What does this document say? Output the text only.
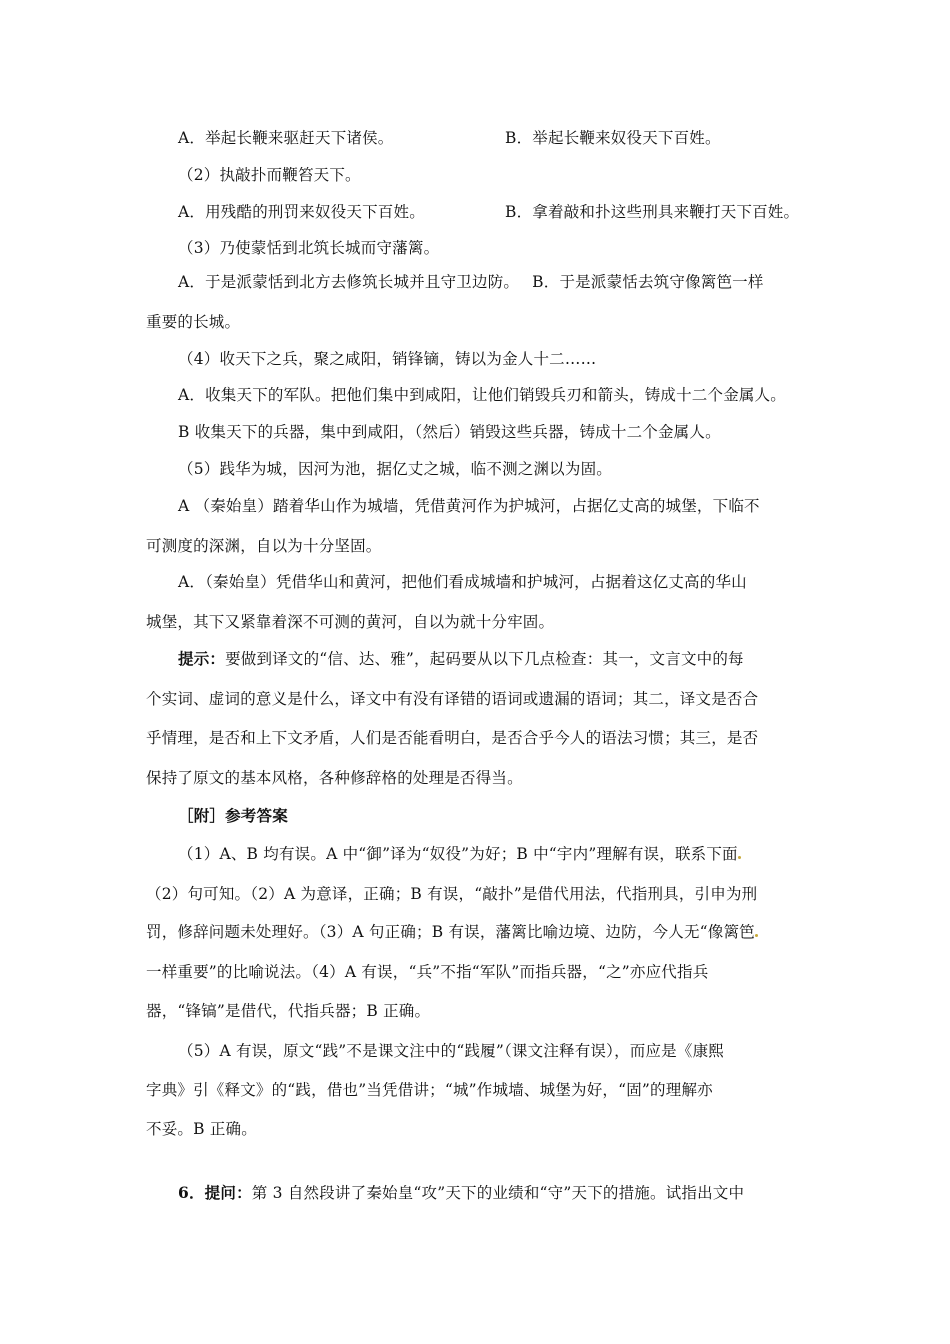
A．举起长鞭来驱赶天下诸侯。	B．举起长鞭来奴役天下百姓。
（2）执敲扑而鞭笞天下。
A．用残酷的刑罚来奴役天下百姓。	B．拿着敲和扑这些刑具来鞭打天下百姓。
（3）乃使蒙恬到北筑长城而守藩篱。
A．于是派蒙恬到北方去修筑长城并且守卫边防。　 B．于是派蒙恬去筑守像篱笆一样
重要的长城。
（4）收天下之兵，聚之咸阳，销锋镝，铸以为金人十二……
A．收集天下的军队。把他们集中到咸阳，让他们销毁兵刃和箭头，铸成十二个金属人。
B 收集天下的兵器，集中到咸阳，（然后）销毁这些兵器，铸成十二个金属人。
（5）践华为城，因河为池，据亿丈之城，临不测之渊以为固。
A （秦始皇）踏着华山作为城墙，凭借黄河作为护城河，占据亿丈高的城堡，下临不
可测度的深渊，自以为十分坚固。
A．（秦始皇）凭借华山和黄河，把他们看成城墙和护城河，占据着这亿丈高的华山
城堡，其下又紧靠着深不可测的黄河，自以为就十分牢固。
提示：要做到译文的“信、达、雅”，起码要从以下几点检查：其一，文言文中的每
个实词、虚词的意义是什么，译文中有没有译错的语词或遗漏的语词；其二，译文是否合
乎情理，是否和上下文矛盾，人们是否能看明白，是否合乎今人的语法习惯；其三，是否
保持了原文的基本风格，各种修辞格的处理是否得当。
［附］参考答案
（1）A、B 均有误。A 中“御”译为“奴役”为好；B 中“宇内”理解有误，联系下面
（2）句可知。（2）A 为意译，正确；B 有误，“敲扑”是借代用法，代指刑具，引申为刑
罚，修辞问题未处理好。（3）A 句正确；B 有误，藩篱比喻边境、边防，今人无“像篱笆
一样重要”的比喻说法。（4）A 有误，“兵”不指“军队”而指兵器，“之”亦应代指兵
器，“锋镐”是借代，代指兵器；B 正确。
（5）A 有误，原文“践”不是课文注中的“践履”（课文注释有误），而应是《康熙
字典》引《释文》的“践，借也”当凭借讲；“城”作城墙、城堡为好，“固”的理解亦
不妥。B 正确。
6．提问：第 3 自然段讲了秦始皇“攻”天下的业绩和“守”天下的措施。试指出文中
